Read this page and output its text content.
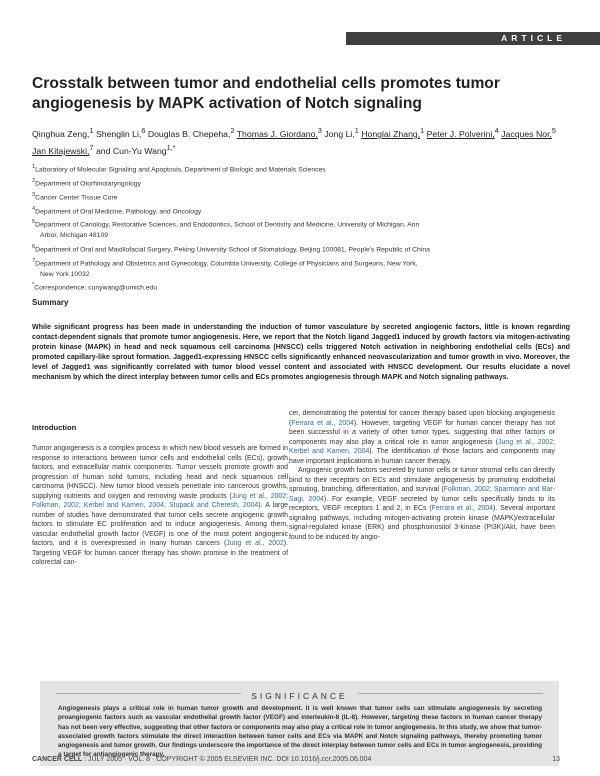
ARTICLE
Crosstalk between tumor and endothelial cells promotes tumor angiogenesis by MAPK activation of Notch signaling
Qinghua Zeng,$^1$ Shenglin Li,$^6$ Douglas B. Chepeha,$^2$ Thomas J. Giordano,$^3$ Jong Li,$^1$ Honglai Zhang,$^1$ Peter J. Polverini,$^4$ Jacques Nor,$^5$ Jan Kitajewski,$^7$ and Cun-Yu Wang$^{1,*}$
$^1$Laboratory of Molecular Signaling and Apoptosis, Department of Biologic and Materials Sciences
$^2$Department of Otorhinolaryngology
$^3$Cancer Center Tissue Core
$^4$Department of Oral Medicine, Pathology, and Oncology
$^5$Department of Cariology, Restorative Sciences, and Endodontics, School of Dentistry and Medicine, University of Michigan, Ann
Arbor, Michigan 48109
$^6$Department of Oral and Maxillofacial Surgery, Peking University School of Stomatology, Beijing 100081, People's Republic of China
$^7$Department of Pathology and Obstetrics and Gynecology, Columbia University, College of Physicians and Surgeons, New York,
New York 10032
*Correspondence: cunywang@umich.edu
Summary
While significant progress has been made in understanding the induction of tumor vasculature by secreted angiogenic factors, little is known regarding contact-dependent signals that promote tumor angiogenesis. Here, we report that the Notch ligand Jagged1 induced by growth factors via mitogen-activating protein kinase (MAPK) in head and neck squamous cell carcinoma (HNSCC) cells triggered Notch activation in neighboring endothelial cells (ECs) and promoted capillary-like sprout formation. Jagged1-expressing HNSCC cells significantly enhanced neovascularization and tumor growth in vivo. Moreover, the level of Jagged1 was significantly correlated with tumor blood vessel content and associated with HNSCC development. Our results elucidate a novel mechanism by which the direct interplay between tumor cells and ECs promotes angiogenesis through MAPK and Notch signaling pathways.
Introduction

Tumor angiogenesis is a complex process in which new blood vessels are formed in response to interactions between tumor cells and endothelial cells (ECs), growth factors, and extracellular matrix components. Tumor vessels promote growth and progression of human solid tumors, including head and neck squamous cell carcinoma (HNSCC). New tumor blood vessels penetrate into cancerous growths, supplying nutrients and oxygen and removing waste products (Jung et al., 2002; Folkman, 2002; Kerbel and Kamen, 2004; Stupack and Cheresh, 2004). A large number of studies have demonstrated that tumor cells secrete angiogenic growth factors to stimulate EC proliferation and to induce angiogenesis. Among them, vascular endothelial growth factor (VEGF) is one of the most potent angiogenic factors, and it is overexpressed in many human cancers (Jung et al., 2002). Targeting VEGF for human cancer therapy has shown promise in the treatment of colorectal can-

cer, demonstrating the potential for cancer therapy based upon blocking angiogenesis (Ferrara et al., 2004). However, targeting VEGF for human cancer therapy has not been successful in a variety of other tumor types, suggesting that other factors or components may also play a critical role in tumor angiogenesis (Jung et al., 2002; Kerbel and Kamen, 2004). The identification of those factors and components may have important implications in human cancer therapy.

Angiogenic growth factors secreted by tumor cells or tumor stromal cells can directly bind to their receptors on ECs and stimulate angiogenesis by promoting endothelial sprouting, branching, differentiation, and survival (Folkman, 2002; Sparmann and Bar-Sagi, 2004). For example, VEGF secreted by tumor cells specifically binds to its receptors, VEGF receptors 1 and 2, in ECs (Ferrara et al., 2004). Several important signaling pathways, including mitogen-activating protein kinase (MAPK)/extracellular signal-regulated kinase (ERK) and phosphoinositol 3-kinase (PI3K)/Akt, have been found to be induced by angio-

SIGNIFICANCE
Angiogenesis plays a critical role in human tumor growth and development. It is well known that tumor cells can stimulate angiogenesis by secreting proangiogenic factors such as vascular endothelial growth factor (VEGF) and interleukin-8 (IL-8). However, targeting these factors in human cancer therapy has not been very effective, suggesting that other factors or components may also play a critical role in tumor angiogenesis. In this study, we show that tumor-associated growth factors stimulate the direct interaction between tumor cells and ECs via MAPK and Notch signaling pathways, thereby promoting tumor angiogenesis and tumor growth. Our findings underscore the importance of the direct interplay between tumor cells and ECs in tumor angiogenesis, providing a target for antiangiogenic therapy.
CANCER CELL : JULY 2005 · VOL. 8 · COPYRIGHT © 2005 ELSEVIER INC. DOI 10.1016/j.ccr.2005.06.004	13
